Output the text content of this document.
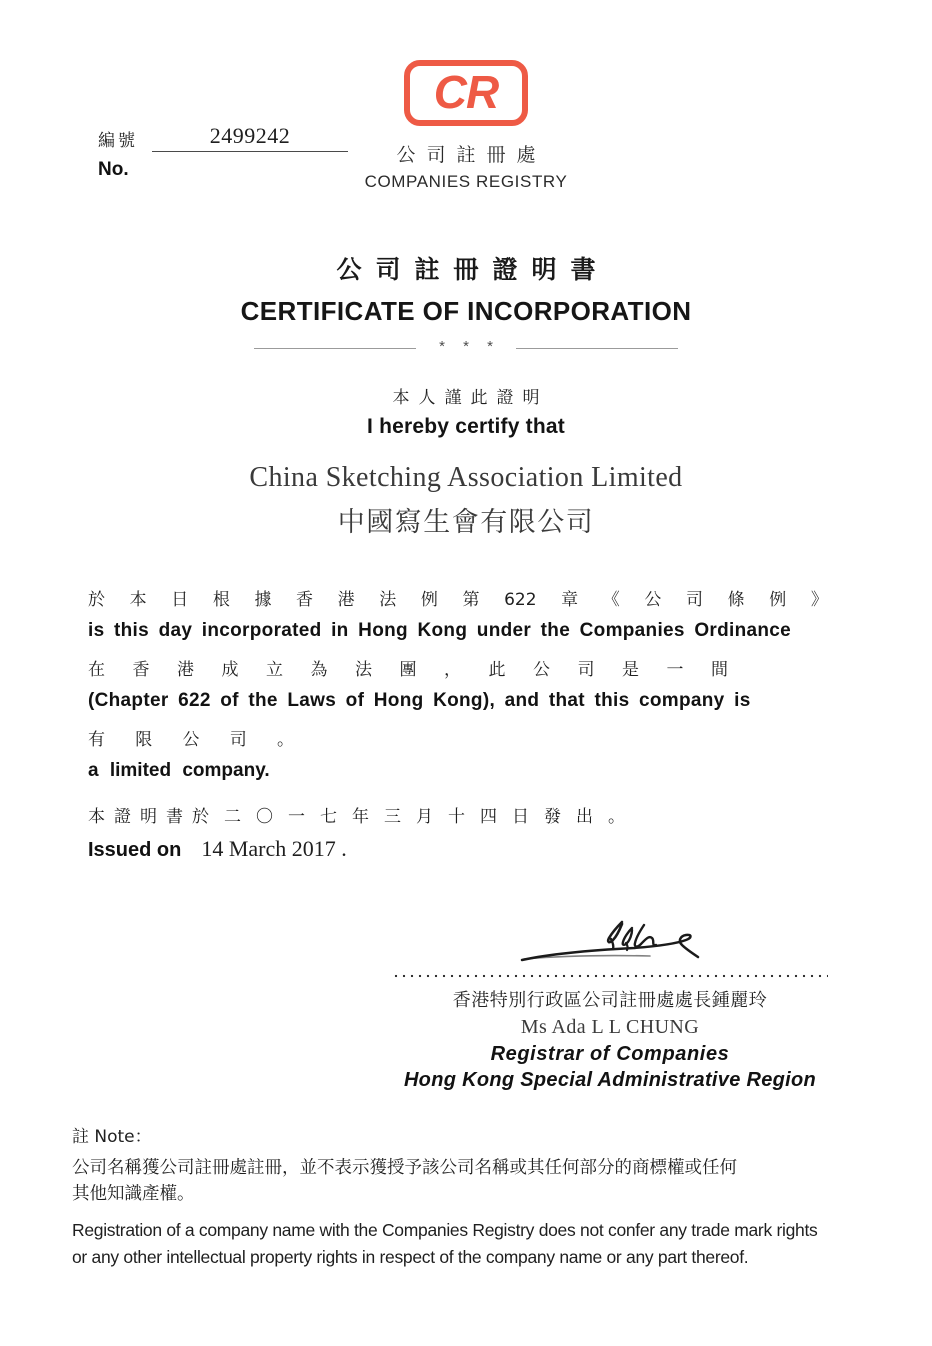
編號	2499242
No.
CR
公司註冊處
COMPANIES REGISTRY
公司註冊證明書
CERTIFICATE OF INCORPORATION
* * *
本人謹此證明
I hereby certify that
China Sketching Association Limited
中國寫生會有限公司
於 本 日 根 據 香 港 法 例 第 622 章 《 公 司 條 例 》
is this day incorporated in Hong Kong under the Companies Ordinance
在 香 港 成 立 為 法 團 ， 此 公 司 是 一 間
(Chapter 622 of the Laws of Hong Kong), and that this company is
有 限 公 司 。
a limited company.
本證明書於 二〇一七年三月十四日發出。
Issued on 14 March 2017 .
香港特別行政區公司註冊處處長鍾麗玲
Ms Ada L L CHUNG
Registrar of Companies
Hong Kong Special Administrative Region
註 Note：
公司名稱獲公司註冊處註冊，並不表示獲授予該公司名稱或其任何部分的商標權或任何
其他知識產權。
Registration of a company name with the Companies Registry does not confer any trade mark rights
or any other intellectual property rights in respect of the company name or any part thereof.
